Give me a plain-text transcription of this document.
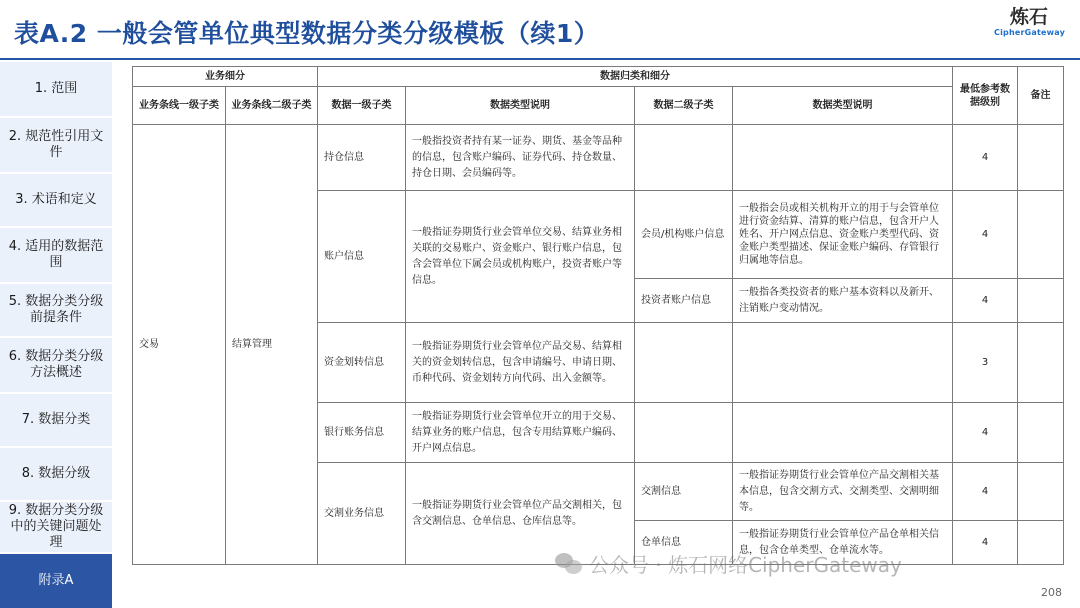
表A.2 一般会管单位典型数据分类分级模板（续1）
炼石
CipherGateway
1. 范围
2. 规范性引用文件
3. 术语和定义
4. 适用的数据范围
5. 数据分类分级前提条件
6. 数据分类分级方法概述
7. 数据分类
8. 数据分级
9. 数据分类分级中的关键问题处理
附录A
业务细分		数据归类和细分				最低参考数据级别	备注
业务条线一级子类	业务条线二级子类	数据一级子类	数据类型说明	数据二级子类	数据类型说明		
交易	结算管理	持仓信息	一般指投资者持有某一证券、期货、基金等品种的信息，包含账户编码、证券代码、持仓数量、持仓日期、会员编码等。			4	
		账户信息	一般指证券期货行业会管单位交易、结算业务相关联的交易账户、资金账户、银行账户信息，包含会管单位下属会员或机构账户，投资者账户等信息。	会员/机构账户信息	一般指会员或相关机构开立的用于与会管单位进行资金结算、清算的账户信息，包含开户人姓名、开户网点信息、资金账户类型代码、资金账户类型描述、保证金账户编码、存管银行归属地等信息。	4	
				投资者账户信息	一般指各类投资者的账户基本资料以及新开、注销账户变动情况。	4	
		资金划转信息	一般指证券期货行业会管单位产品交易、结算相关的资金划转信息，包含申请编号、申请日期、币种代码、资金划转方向代码、出入金额等。			3	
		银行账务信息	一般指证券期货行业会管单位开立的用于交易、结算业务的账户信息，包含专用结算账户编码、开户网点信息。			4	
		交割业务信息	一般指证券期货行业会管单位产品交割相关，包含交割信息、仓单信息、仓库信息等。	交割信息	一般指证券期货行业会管单位产品交割相关基本信息，包含交割方式、交割类型、交割明细等。	4	
				仓单信息	一般指证券期货行业会管单位产品仓单相关信息，包含仓单类型、仓单流水等。	4	
公众号 · 炼石网络CipherGateway
208
